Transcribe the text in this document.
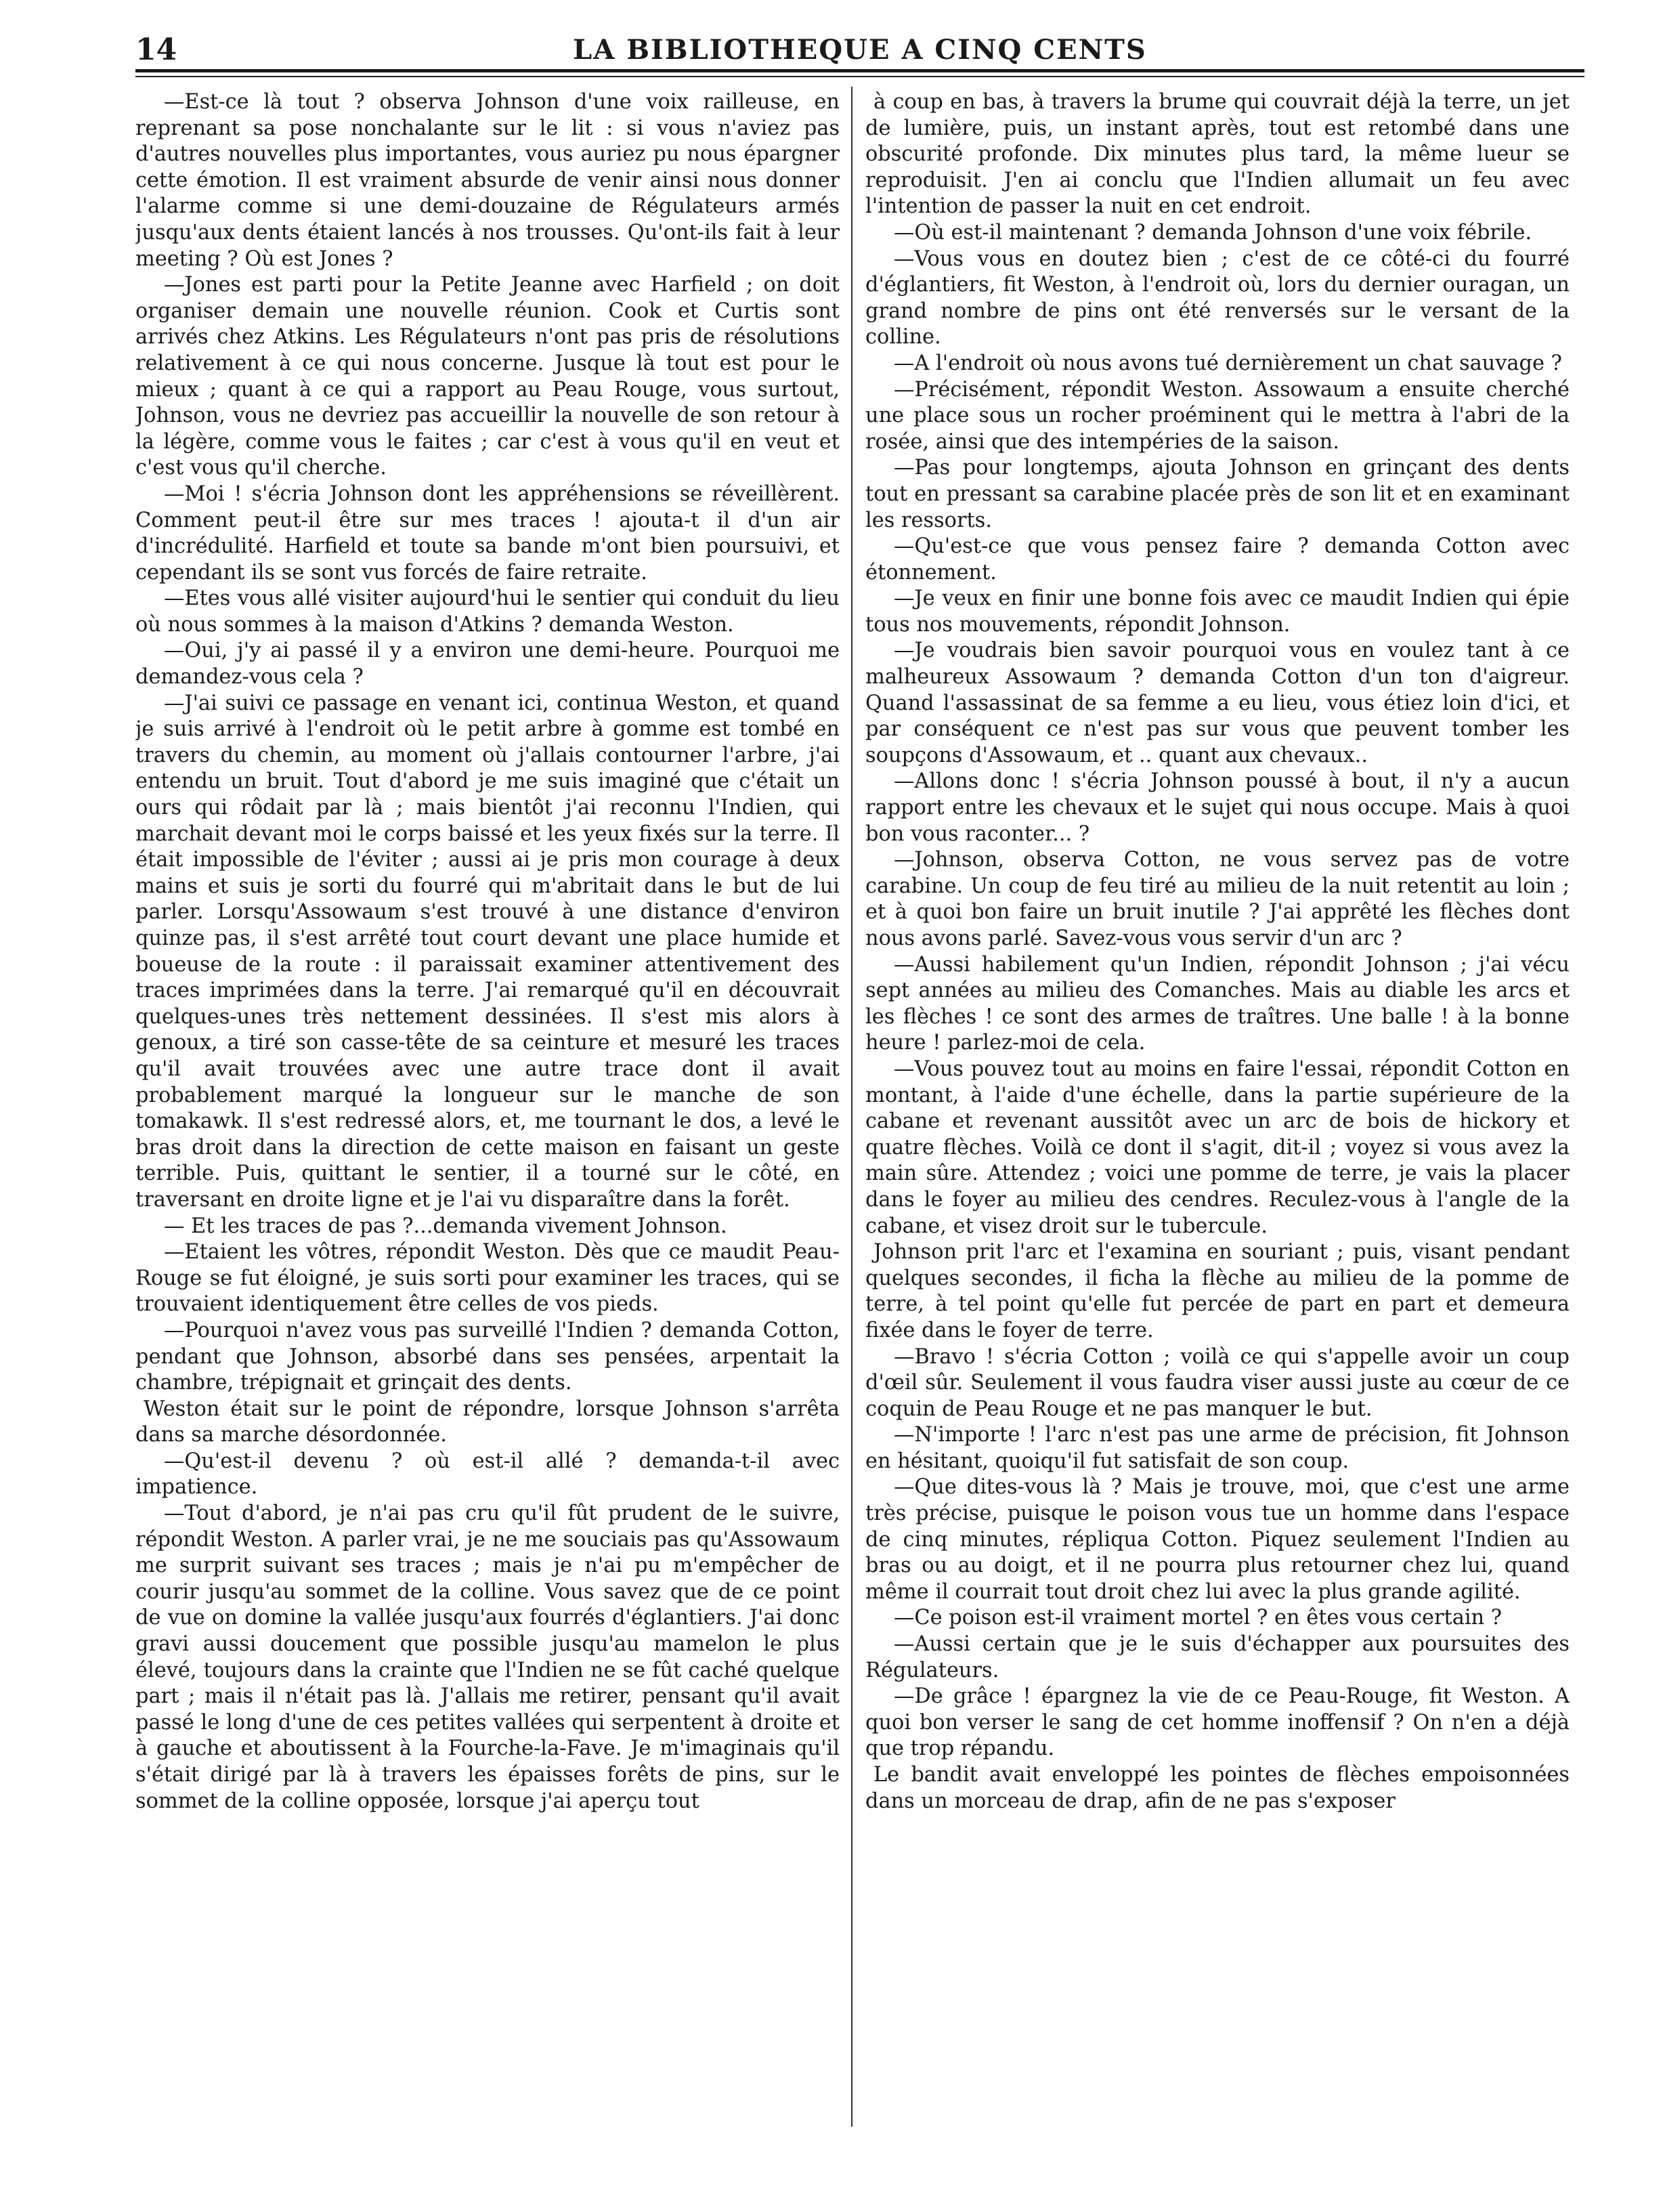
LA BIBLIOTHEQUE A CINQ CENTS
14

—Est-ce là tout ? observa Johnson d'une voix railleuse, en reprenant sa pose nonchalante sur le lit : si vous n'aviez pas d'autres nouvelles plus importantes, vous auriez pu nous épargner cette émotion. Il est vraiment absurde de venir ainsi nous donner l'alarme comme si une demi-douzaine de Régulateurs armés jusqu'aux dents étaient lancés à nos trousses. Qu'ont-ils fait à leur meeting ? Où est Jones ?

—Jones est parti pour la Petite Jeanne avec Harfield ; on doit organiser demain une nouvelle réunion. Cook et Curtis sont arrivés chez Atkins. Les Régulateurs n'ont pas pris de résolutions relativement à ce qui nous concerne. Jusque là tout est pour le mieux ; quant à ce qui a rapport au Peau Rouge, vous surtout, Johnson, vous ne devriez pas accueillir la nouvelle de son retour à la légère, comme vous le faites ; car c'est à vous qu'il en veut et c'est vous qu'il cherche.

—Moi ! s'écria Johnson dont les appréhensions se réveillèrent. Comment peut-il être sur mes traces ! ajouta-t il d'un air d'incrédulité. Harfield et toute sa bande m'ont bien poursuivi, et cependant ils se sont vus forcés de faire retraite.

—Etes vous allé visiter aujourd'hui le sentier qui conduit du lieu où nous sommes à la maison d'Atkins ? demanda Weston.

—Oui, j'y ai passé il y a environ une demi-heure. Pourquoi me demandez-vous cela ?

—J'ai suivi ce passage en venant ici, continua Weston, et quand je suis arrivé à l'endroit où le petit arbre à gomme est tombé en travers du chemin, au moment où j'allais contourner l'arbre, j'ai entendu un bruit. Tout d'abord je me suis imaginé que c'était un ours qui rôdait par là ; mais bientôt j'ai reconnu l'Indien, qui marchait devant moi le corps baissé et les yeux fixés sur la terre. Il était impossible de l'éviter ; aussi ai je pris mon courage à deux mains et suis je sorti du fourré qui m'abritait dans le but de lui parler. Lorsqu'Assowaum s'est trouvé à une distance d'environ quinze pas, il s'est arrêté tout court devant une place humide et boueuse de la route : il paraissait examiner attentivement des traces imprimées dans la terre. J'ai remarqué qu'il en découvrait quelques-unes très nettement dessinées. Il s'est mis alors à genoux, a tiré son casse-tête de sa ceinture et mesuré les traces qu'il avait trouvées avec une autre trace dont il avait probablement marqué la longueur sur le manche de son tomakawk. Il s'est redressé alors, et, me tournant le dos, a levé le bras droit dans la direction de cette maison en faisant un geste terrible. Puis, quittant le sentier, il a tourné sur le côté, en traversant en droite ligne et je l'ai vu disparaître dans la forêt.

— Et les traces de pas ?...demanda vivement Johnson.

—Etaient les vôtres, répondit Weston. Dès que ce maudit Peau-Rouge se fut éloigné, je suis sorti pour examiner les traces, qui se trouvaient identiquement être celles de vos pieds.

—Pourquoi n'avez vous pas surveillé l'Indien ? demanda Cotton, pendant que Johnson, absorbé dans ses pensées, arpentait la chambre, trépignait et grinçait des dents.

Weston était sur le point de répondre, lorsque Johnson s'arrêta dans sa marche désordonnée.

—Qu'est-il devenu ? où est-il allé ? demanda-t-il avec impatience.

—Tout d'abord, je n'ai pas cru qu'il fût prudent de le suivre, répondit Weston. A parler vrai, je ne me souciais pas qu'Assowaum me surprit suivant ses traces ; mais je n'ai pu m'empêcher de courir jusqu'au sommet de la colline. Vous savez que de ce point de vue on domine la vallée jusqu'aux fourrés d'églantiers. J'ai donc gravi aussi doucement que possible jusqu'au mamelon le plus élevé, toujours dans la crainte que l'Indien ne se fût caché quelque part ; mais il n'était pas là. J'allais me retirer, pensant qu'il avait passé le long d'une de ces petites vallées qui serpentent à droite et à gauche et aboutissent à la Fourche-la-Fave. Je m'imaginais qu'il s'était dirigé par là à travers les épaisses forêts de pins, sur le sommet de la colline opposée, lorsque j'ai aperçu tout

à coup en bas, à travers la brume qui couvrait déjà la terre, un jet de lumière, puis, un instant après, tout est retombé dans une obscurité profonde. Dix minutes plus tard, la même lueur se reproduisit. J'en ai conclu que l'Indien allumait un feu avec l'intention de passer la nuit en cet endroit.

—Où est-il maintenant ? demanda Johnson d'une voix fébrile.

—Vous vous en doutez bien ; c'est de ce côté-ci du fourré d'églantiers, fit Weston, à l'endroit où, lors du dernier ouragan, un grand nombre de pins ont été renversés sur le versant de la colline.

—A l'endroit où nous avons tué dernièrement un chat sauvage ?

—Précisément, répondit Weston. Assowaum a ensuite cherché une place sous un rocher proéminent qui le mettra à l'abri de la rosée, ainsi que des intempéries de la saison.

—Pas pour longtemps, ajouta Johnson en grinçant des dents tout en pressant sa carabine placée près de son lit et en examinant les ressorts.

—Qu'est-ce que vous pensez faire ? demanda Cotton avec étonnement.

—Je veux en finir une bonne fois avec ce maudit Indien qui épie tous nos mouvements, répondit Johnson.

—Je voudrais bien savoir pourquoi vous en voulez tant à ce malheureux Assowaum ? demanda Cotton d'un ton d'aigreur. Quand l'assassinat de sa femme a eu lieu, vous étiez loin d'ici, et par conséquent ce n'est pas sur vous que peuvent tomber les soupçons d'Assowaum, et .. quant aux chevaux..

—Allons donc ! s'écria Johnson poussé à bout, il n'y a aucun rapport entre les chevaux et le sujet qui nous occupe. Mais à quoi bon vous raconter... ?

—Johnson, observa Cotton, ne vous servez pas de votre carabine. Un coup de feu tiré au milieu de la nuit retentit au loin ; et à quoi bon faire un bruit inutile ? J'ai apprêté les flèches dont nous avons parlé. Savez-vous vous servir d'un arc ?

—Aussi habilement qu'un Indien, répondit Johnson ; j'ai vécu sept années au milieu des Comanches. Mais au diable les arcs et les flèches ! ce sont des armes de traîtres. Une balle ! à la bonne heure ! parlez-moi de cela.

—Vous pouvez tout au moins en faire l'essai, répondit Cotton en montant, à l'aide d'une échelle, dans la partie supérieure de la cabane et revenant aussitôt avec un arc de bois de hickory et quatre flèches. Voilà ce dont il s'agit, dit-il ; voyez si vous avez la main sûre. Attendez ; voici une pomme de terre, je vais la placer dans le foyer au milieu des cendres. Reculez-vous à l'angle de la cabane, et visez droit sur le tubercule.

Johnson prit l'arc et l'examina en souriant ; puis, visant pendant quelques secondes, il ficha la flèche au milieu de la pomme de terre, à tel point qu'elle fut percée de part en part et demeura fixée dans le foyer de terre.

—Bravo ! s'écria Cotton ; voilà ce qui s'appelle avoir un coup d'œil sûr. Seulement il vous faudra viser aussi juste au cœur de ce coquin de Peau Rouge et ne pas manquer le but.

—N'importe ! l'arc n'est pas une arme de précision, fit Johnson en hésitant, quoiqu'il fut satisfait de son coup.

—Que dites-vous là ? Mais je trouve, moi, que c'est une arme très précise, puisque le poison vous tue un homme dans l'espace de cinq minutes, répliqua Cotton. Piquez seulement l'Indien au bras ou au doigt, et il ne pourra plus retourner chez lui, quand même il courrait tout droit chez lui avec la plus grande agilité.

—Ce poison est-il vraiment mortel ? en êtes vous certain ?

—Aussi certain que je le suis d'échapper aux poursuites des Régulateurs.

—De grâce ! épargnez la vie de ce Peau-Rouge, fit Weston. A quoi bon verser le sang de cet homme inoffensif ? On n'en a déjà que trop répandu.

Le bandit avait enveloppé les pointes de flèches empoisonnées dans un morceau de drap, afin de ne pas s'exposer
